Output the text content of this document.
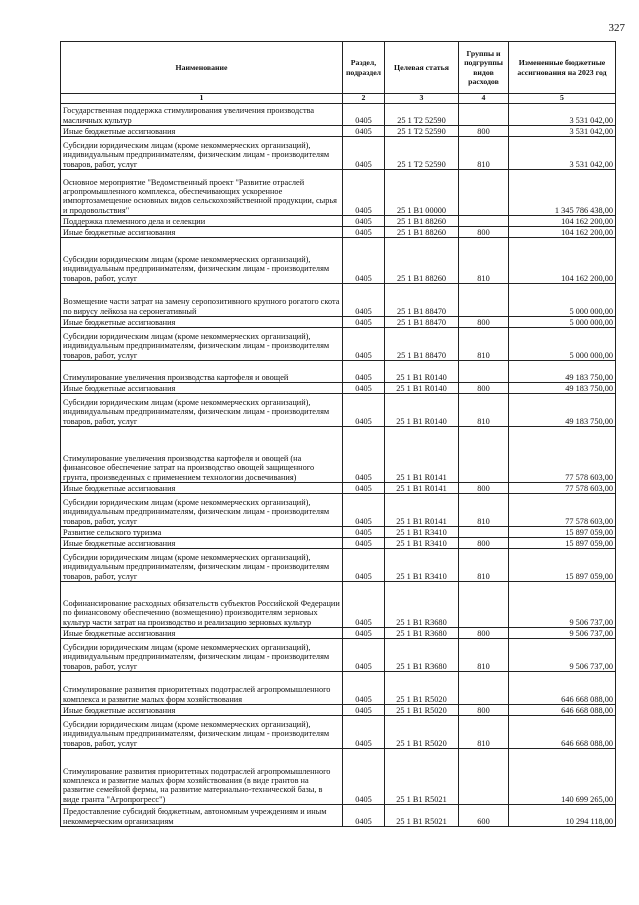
327
Наименование	Раздел, подраздел	Целевая статья	Группы и подгруппы видов расходов	Измененные бюджетные ассигнования на 2023 год
1	2	3	4	5
Государственная поддержка стимулирования увеличения производства масличных культур	0405	25 1 T2 52590		3 531 042,00
Иные бюджетные ассигнования	0405	25 1 T2 52590	800	3 531 042,00
Субсидии юридическим лицам (кроме некоммерческих организаций), индивидуальным предпринимателям, физическим лицам - производителям товаров, работ, услуг	0405	25 1 T2 52590	810	3 531 042,00
Основное мероприятие "Ведомственный проект "Развитие отраслей агропромышленного комплекса, обеспечивающих ускоренное импортозамещение основных видов сельскохозяйственной продукции, сырья и продовольствия"	0405	25 1 B1 00000		1 345 786 438,00
Поддержка племенного дела и селекции	0405	25 1 B1 88260		104 162 200,00
Иные бюджетные ассигнования	0405	25 1 B1 88260	800	104 162 200,00
Субсидии юридическим лицам (кроме некоммерческих организаций), индивидуальным предпринимателям, физическим лицам - производителям товаров, работ, услуг	0405	25 1 B1 88260	810	104 162 200,00
Возмещение части затрат на замену серопозитивного крупного рогатого скота по вирусу лейкоза на серонегативный	0405	25 1 B1 88470		5 000 000,00
Иные бюджетные ассигнования	0405	25 1 B1 88470	800	5 000 000,00
Субсидии юридическим лицам (кроме некоммерческих организаций), индивидуальным предпринимателям, физическим лицам - производителям товаров, работ, услуг	0405	25 1 B1 88470	810	5 000 000,00
Стимулирование увеличения производства картофеля и овощей	0405	25 1 B1 R0140		49 183 750,00
Иные бюджетные ассигнования	0405	25 1 B1 R0140	800	49 183 750,00
Субсидии юридическим лицам (кроме некоммерческих организаций), индивидуальным предпринимателям, физическим лицам - производителям товаров, работ, услуг	0405	25 1 B1 R0140	810	49 183 750,00
Стимулирование увеличения производства картофеля и овощей (на финансовое обеспечение затрат на производство овощей защищенного грунта, произведенных с применением технологии досвечивания)	0405	25 1 B1 R0141		77 578 603,00
Иные бюджетные ассигнования	0405	25 1 B1 R0141	800	77 578 603,00
Субсидии юридическим лицам (кроме некоммерческих организаций), индивидуальным предпринимателям, физическим лицам - производителям товаров, работ, услуг	0405	25 1 B1 R0141	810	77 578 603,00
Развитие сельского туризма	0405	25 1 B1 R3410		15 897 059,00
Иные бюджетные ассигнования	0405	25 1 B1 R3410	800	15 897 059,00
Субсидии юридическим лицам (кроме некоммерческих организаций), индивидуальным предпринимателям, физическим лицам - производителям товаров, работ, услуг	0405	25 1 B1 R3410	810	15 897 059,00
Софинансирование расходных обязательств субъектов Российской Федерации по финансовому обеспечению (возмещению) производителям зерновых культур части затрат на производство и реализацию зерновых культур	0405	25 1 B1 R3680		9 506 737,00
Иные бюджетные ассигнования	0405	25 1 B1 R3680	800	9 506 737,00
Субсидии юридическим лицам (кроме некоммерческих организаций), индивидуальным предпринимателям, физическим лицам - производителям товаров, работ, услуг	0405	25 1 B1 R3680	810	9 506 737,00
Стимулирование развития приоритетных подотраслей агропромышленного комплекса и развитие малых форм хозяйствования	0405	25 1 B1 R5020		646 668 088,00
Иные бюджетные ассигнования	0405	25 1 B1 R5020	800	646 668 088,00
Субсидии юридическим лицам (кроме некоммерческих организаций), индивидуальным предпринимателям, физическим лицам - производителям товаров, работ, услуг	0405	25 1 B1 R5020	810	646 668 088,00
Стимулирование развития приоритетных подотраслей агропромышленного комплекса и развитие малых форм хозяйствования (в виде грантов на развитие семейной фермы, на развитие материально-технической базы, в виде гранта "Агропрогресс")	0405	25 1 B1 R5021		140 699 265,00
Предоставление субсидий бюджетным, автономным учреждениям и иным некоммерческим организациям	0405	25 1 B1 R5021	600	10 294 118,00
